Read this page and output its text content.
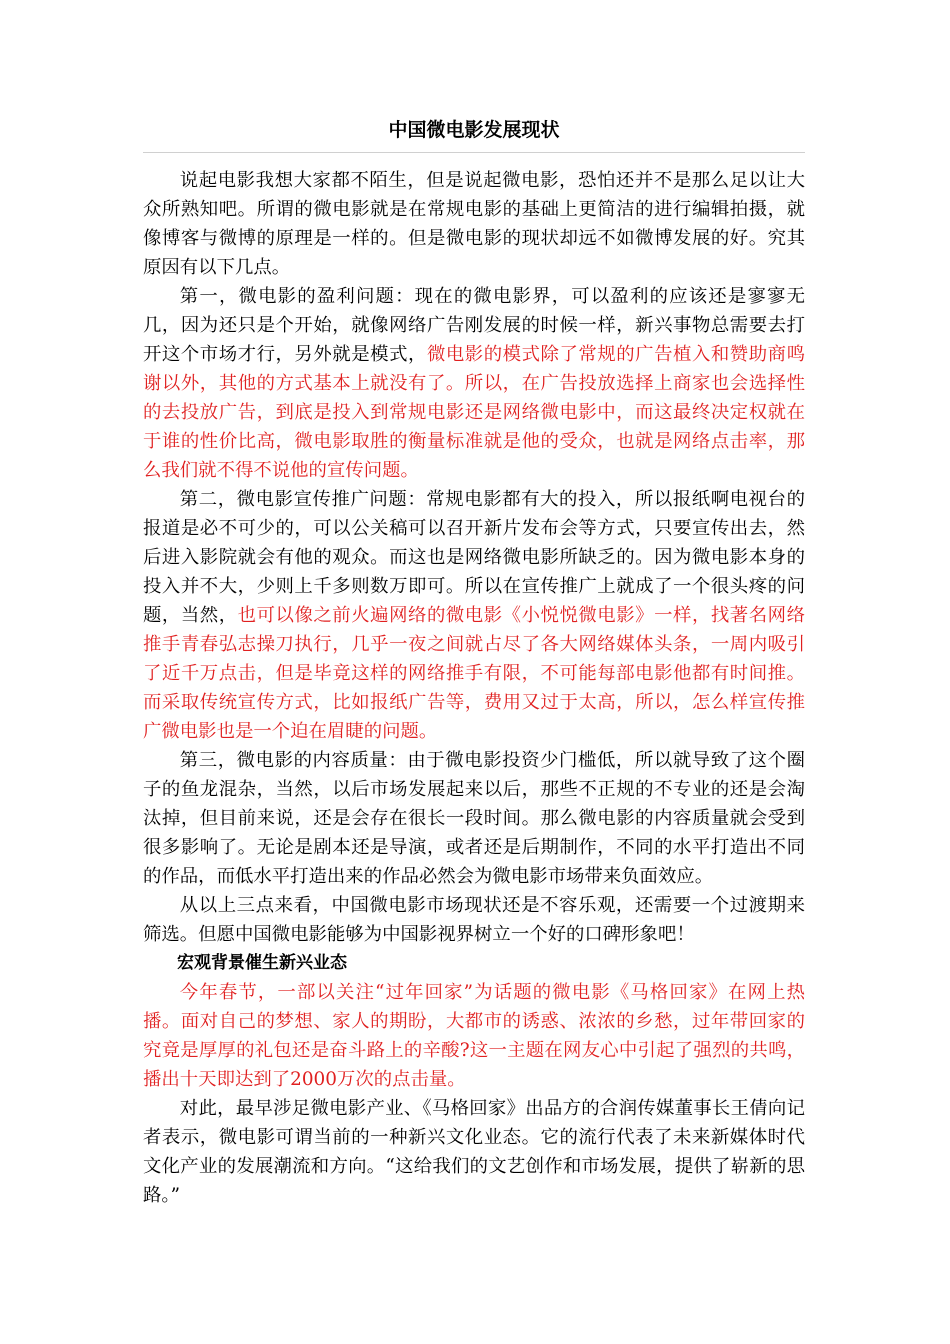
中国微电影发展现状

说起电影我想大家都不陌生，但是说起微电影，恐怕还并不是那么足以让大众所熟知吧。所谓的微电影就是在常规电影的基础上更简洁的进行编辑拍摄，就像博客与微博的原理是一样的。但是微电影的现状却远不如微博发展的好。究其原因有以下几点。

第一，微电影的盈利问题：现在的微电影界，可以盈利的应该还是寥寥无几，因为还只是个开始，就像网络广告刚发展的时候一样，新兴事物总需要去打开这个市场才行，另外就是模式，微电影的模式除了常规的广告植入和赞助商鸣谢以外，其他的方式基本上就没有了。所以，在广告投放选择上商家也会选择性的去投放广告，到底是投入到常规电影还是网络微电影中，而这最终决定权就在于谁的性价比高，微电影取胜的衡量标准就是他的受众，也就是网络点击率，那么我们就不得不说他的宣传问题。

第二，微电影宣传推广问题：常规电影都有大的投入，所以报纸啊电视台的报道是必不可少的，可以公关稿可以召开新片发布会等方式，只要宣传出去，然后进入影院就会有他的观众。而这也是网络微电影所缺乏的。因为微电影本身的投入并不大，少则上千多则数万即可。所以在宣传推广上就成了一个很头疼的问题，当然，也可以像之前火遍网络的微电影《小悦悦微电影》一样，找著名网络推手青春弘志操刀执行，几乎一夜之间就占尽了各大网络媒体头条，一周内吸引了近千万点击，但是毕竟这样的网络推手有限，不可能每部电影他都有时间推。而采取传统宣传方式，比如报纸广告等，费用又过于太高，所以，怎么样宣传推广微电影也是一个迫在眉睫的问题。

第三，微电影的内容质量：由于微电影投资少门槛低，所以就导致了这个圈子的鱼龙混杂，当然，以后市场发展起来以后，那些不正规的不专业的还是会淘汰掉，但目前来说，还是会存在很长一段时间。那么微电影的内容质量就会受到很多影响了。无论是剧本还是导演，或者还是后期制作，不同的水平打造出不同的作品，而低水平打造出来的作品必然会为微电影市场带来负面效应。

从以上三点来看，中国微电影市场现状还是不容乐观，还需要一个过渡期来筛选。但愿中国微电影能够为中国影视界树立一个好的口碑形象吧！

宏观背景催生新兴业态

今年春节，一部以关注“过年回家”为话题的微电影《马格回家》在网上热播。面对自己的梦想、家人的期盼，大都市的诱惑、浓浓的乡愁，过年带回家的究竟是厚厚的礼包还是奋斗路上的辛酸?这一主题在网友心中引起了强烈的共鸣，播出十天即达到了2000万次的点击量。

对此，最早涉足微电影产业、《马格回家》出品方的合润传媒董事长王倩向记者表示，微电影可谓当前的一种新兴文化业态。它的流行代表了未来新媒体时代文化产业的发展潮流和方向。“这给我们的文艺创作和市场发展，提供了崭新的思路。”
